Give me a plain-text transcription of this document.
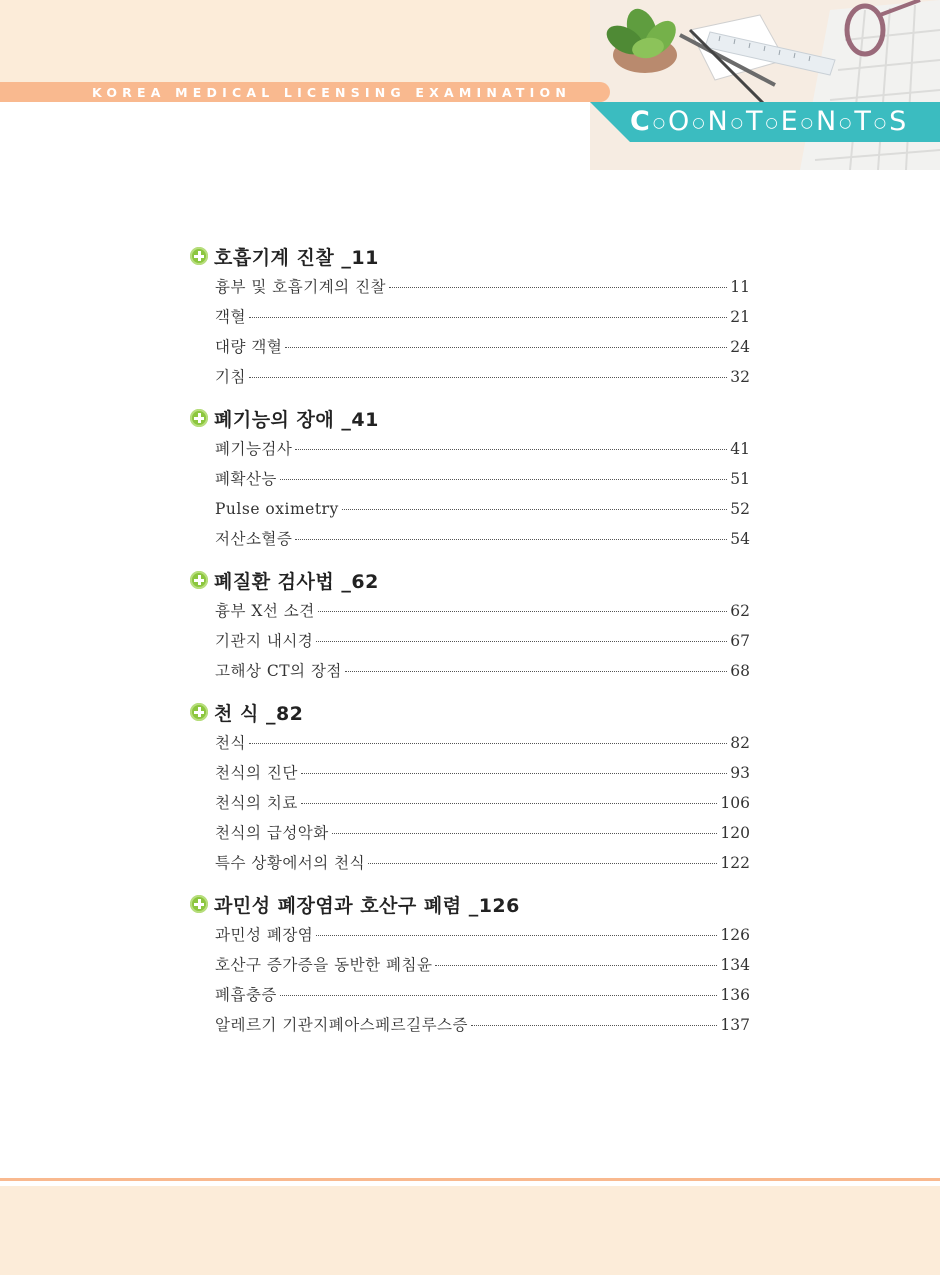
KOREA MEDICAL LICENSING EXAMINATION
C ○O ○N ○T ○E ○N ○T ○S
호흡기계 진찰 _11
흉부 및 호흡기계의 진찰	11
객혈	21
대량 객혈	24
기침	32
폐기능의 장애 _41
폐기능검사	41
폐확산능	51
Pulse oximetry	52
저산소혈증	54
폐질환 검사법 _62
흉부 X선 소견	62
기관지 내시경	67
고해상 CT의 장점	68
천 식 _82
천식	82
천식의 진단	93
천식의 치료	106
천식의 급성악화	120
특수 상황에서의 천식	122
과민성 폐장염과 호산구 폐렴 _126
과민성 폐장염	126
호산구 증가증을 동반한 폐침윤	134
폐흡충증	136
알레르기 기관지폐아스페르길루스증	137
